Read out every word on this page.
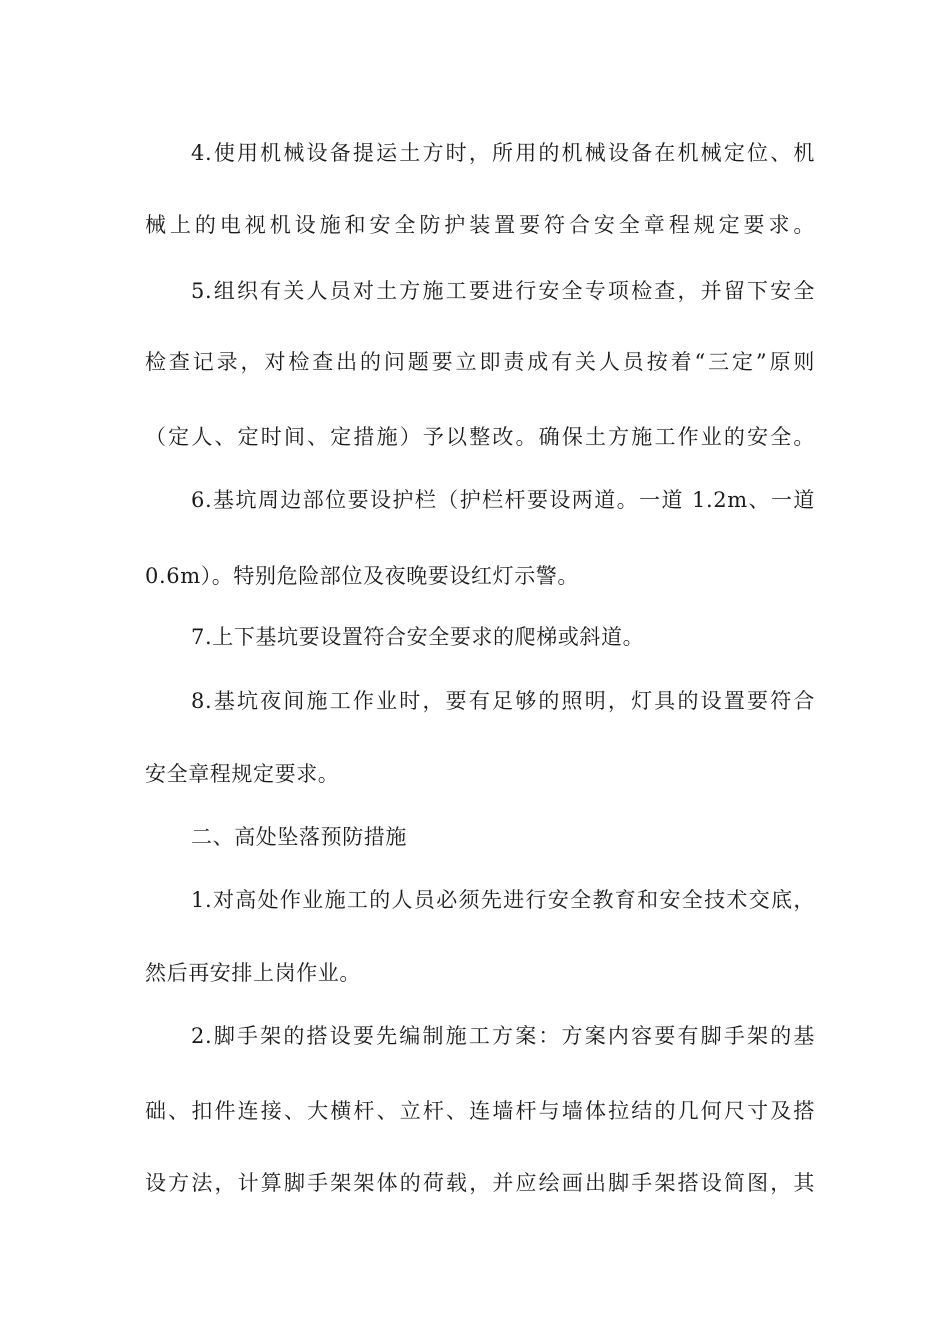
4.使用机械设备提运土方时，所用的机械设备在机械定位、机
械上的电视机设施和安全防护装置要符合安全章程规定要求。
5.组织有关人员对土方施工要进行安全专项检查，并留下安全
检查记录，对检查出的问题要立即责成有关人员按着“三定”原则
（定人、定时间、定措施）予以整改。确保土方施工作业的安全。
6.基坑周边部位要设护栏（护栏杆要设两道。一道 1.2m、一道
0.6m）。特别危险部位及夜晚要设红灯示警。
7.上下基坑要设置符合安全要求的爬梯或斜道。
8.基坑夜间施工作业时，要有足够的照明，灯具的设置要符合
安全章程规定要求。
二、高处坠落预防措施
1.对高处作业施工的人员必须先进行安全教育和安全技术交底，
然后再安排上岗作业。
2.脚手架的搭设要先编制施工方案：方案内容要有脚手架的基
础、扣件连接、大横杆、立杆、连墙杆与墙体拉结的几何尺寸及搭
设方法，计算脚手架架体的荷载，并应绘画出脚手架搭设简图，其
